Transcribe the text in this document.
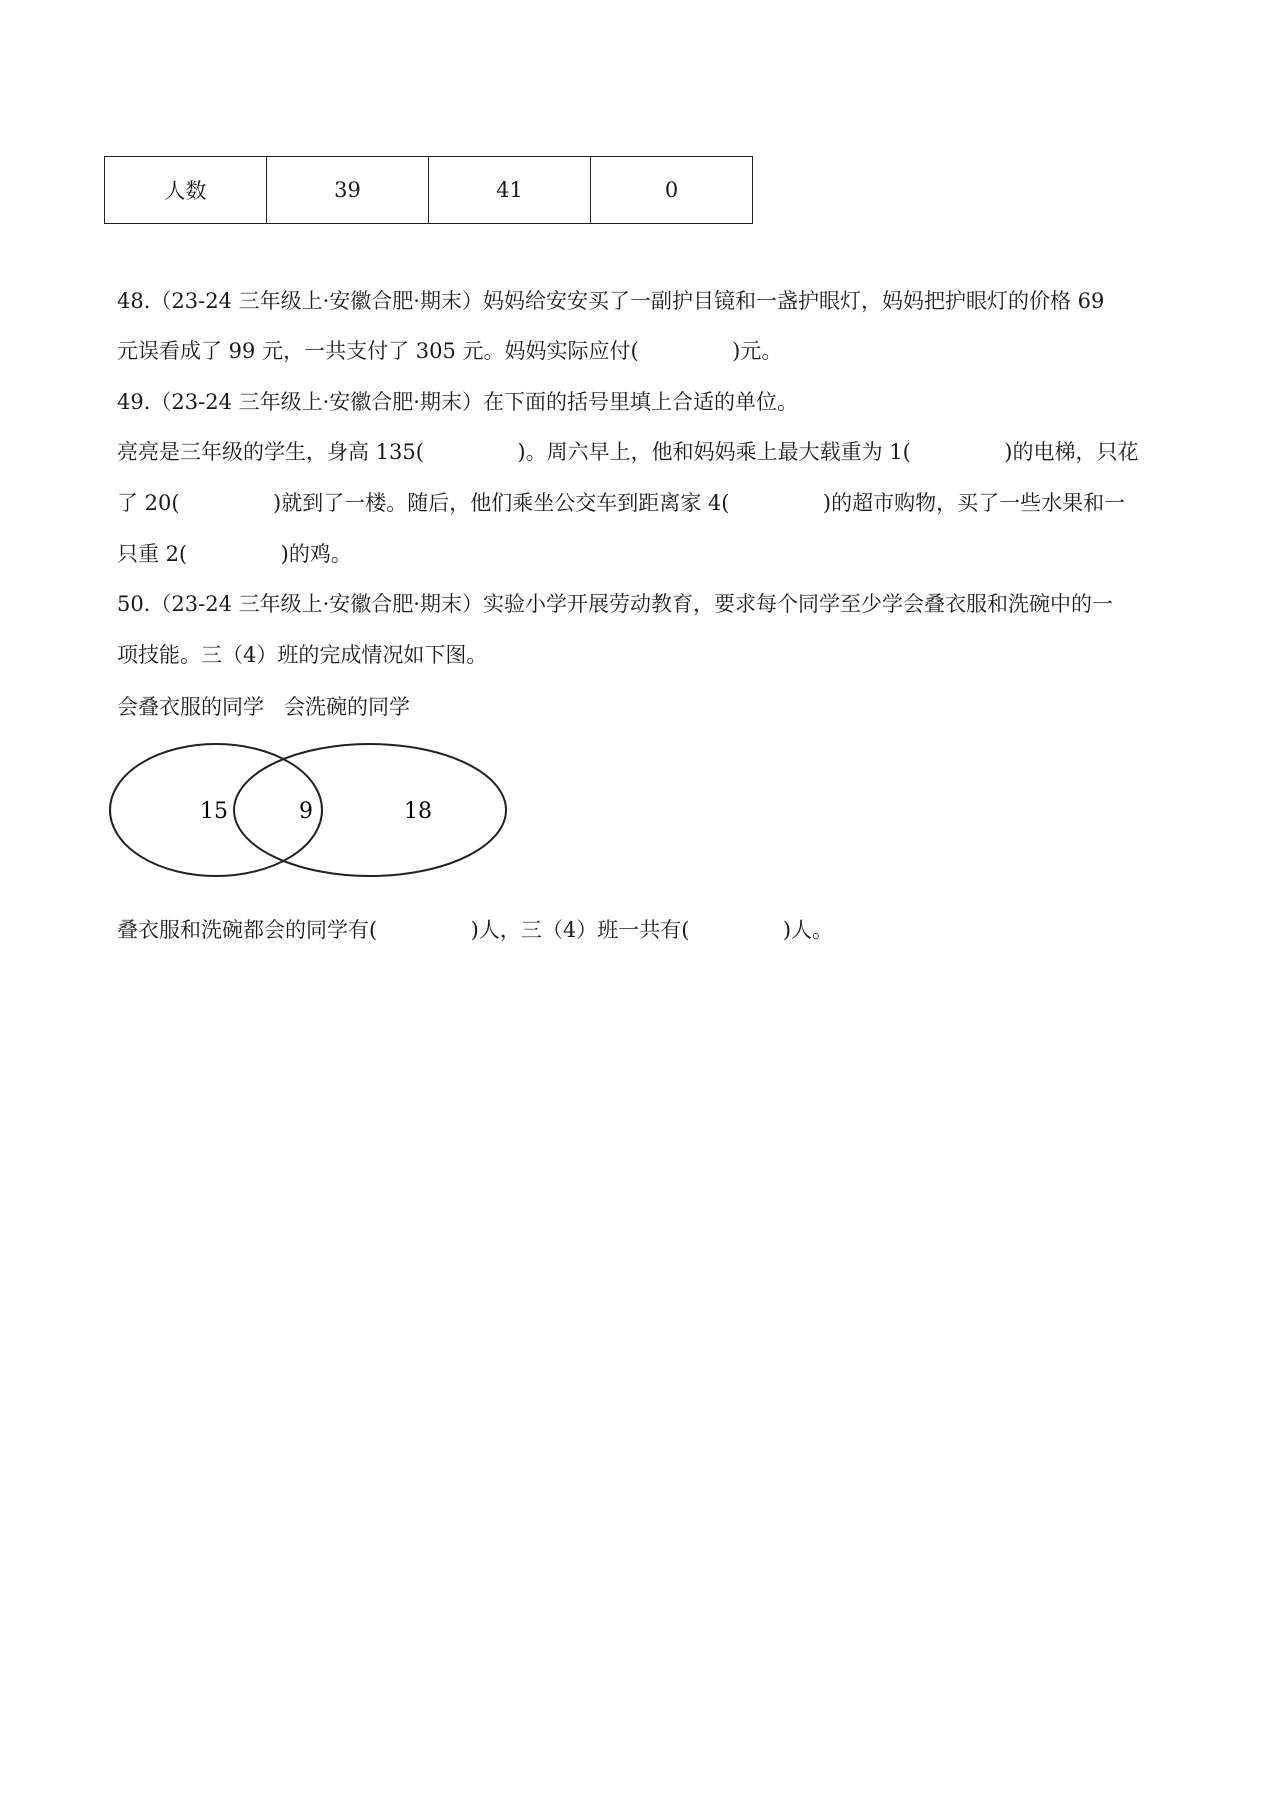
人数	39	41	0
48.（23-24 三年级上·安徽合肥·期末）妈妈给安安买了一副护目镜和一盏护眼灯，妈妈把护眼灯的价格 69
元误看成了 99 元，一共支付了 305 元。妈妈实际应付(              )元。
49.（23-24 三年级上·安徽合肥·期末）在下面的括号里填上合适的单位。
亮亮是三年级的学生，身高 135(              )。周六早上，他和妈妈乘上最大载重为 1(              )的电梯，只花
了 20(              )就到了一楼。随后，他们乘坐公交车到距离家 4(              )的超市购物，买了一些水果和一
只重 2(              )的鸡。
50.（23-24 三年级上·安徽合肥·期末）实验小学开展劳动教育，要求每个同学至少学会叠衣服和洗碗中的一
项技能。三（4）班的完成情况如下图。
会叠衣服的同学   会洗碗的同学
15	9	18
叠衣服和洗碗都会的同学有(              )人，三（4）班一共有(              )人。
